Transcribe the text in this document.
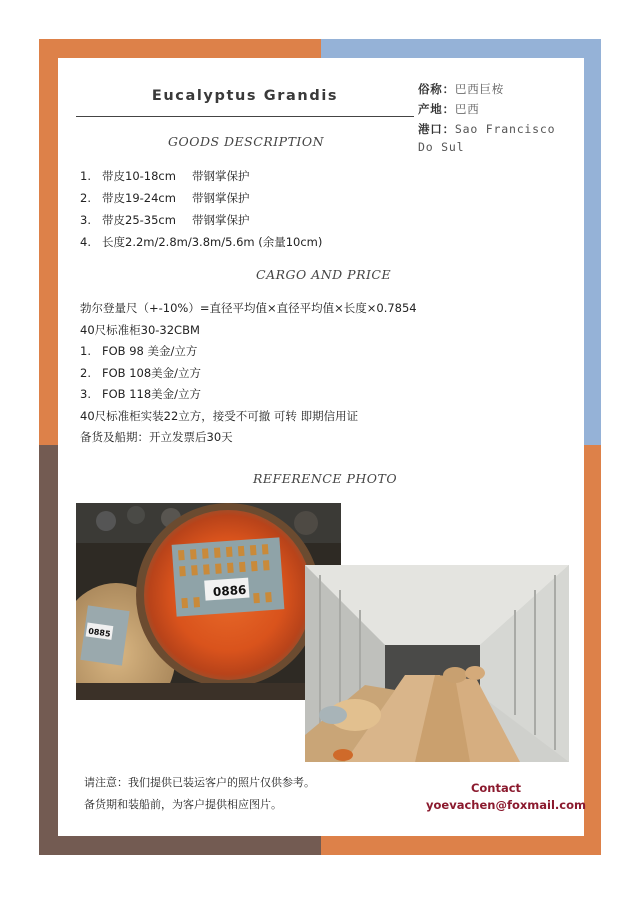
Eucalyptus Grandis	俗称：巴西巨桉
产地：巴西
港口：Sao Francisco
Do Sul
GOODS DESCRIPTION
1. 带皮10-18cm 带钢掌保护
2. 带皮19-24cm 带钢掌保护
3. 带皮25-35cm 带钢掌保护
4. 长度2.2m/2.8m/3.8m/5.6m (余量10cm)
CARGO AND PRICE
勃尔登量尺（+-10%）=直径平均值×直径平均值×长度×0.7854
40尺标准柜30-32CBM
1. FOB 98 美金/立方
2. FOB 108美金/立方
3. FOB 118美金/立方
40尺标准柜实装22立方，接受不可撤 可转 即期信用证
备货及船期：开立发票后30天
REFERENCE PHOTO
0886
0885
请注意：我们提供已装运客户的照片仅供参考。
备货期和装船前，为客户提供相应图片。
Contact
yoevachen@foxmail.com
